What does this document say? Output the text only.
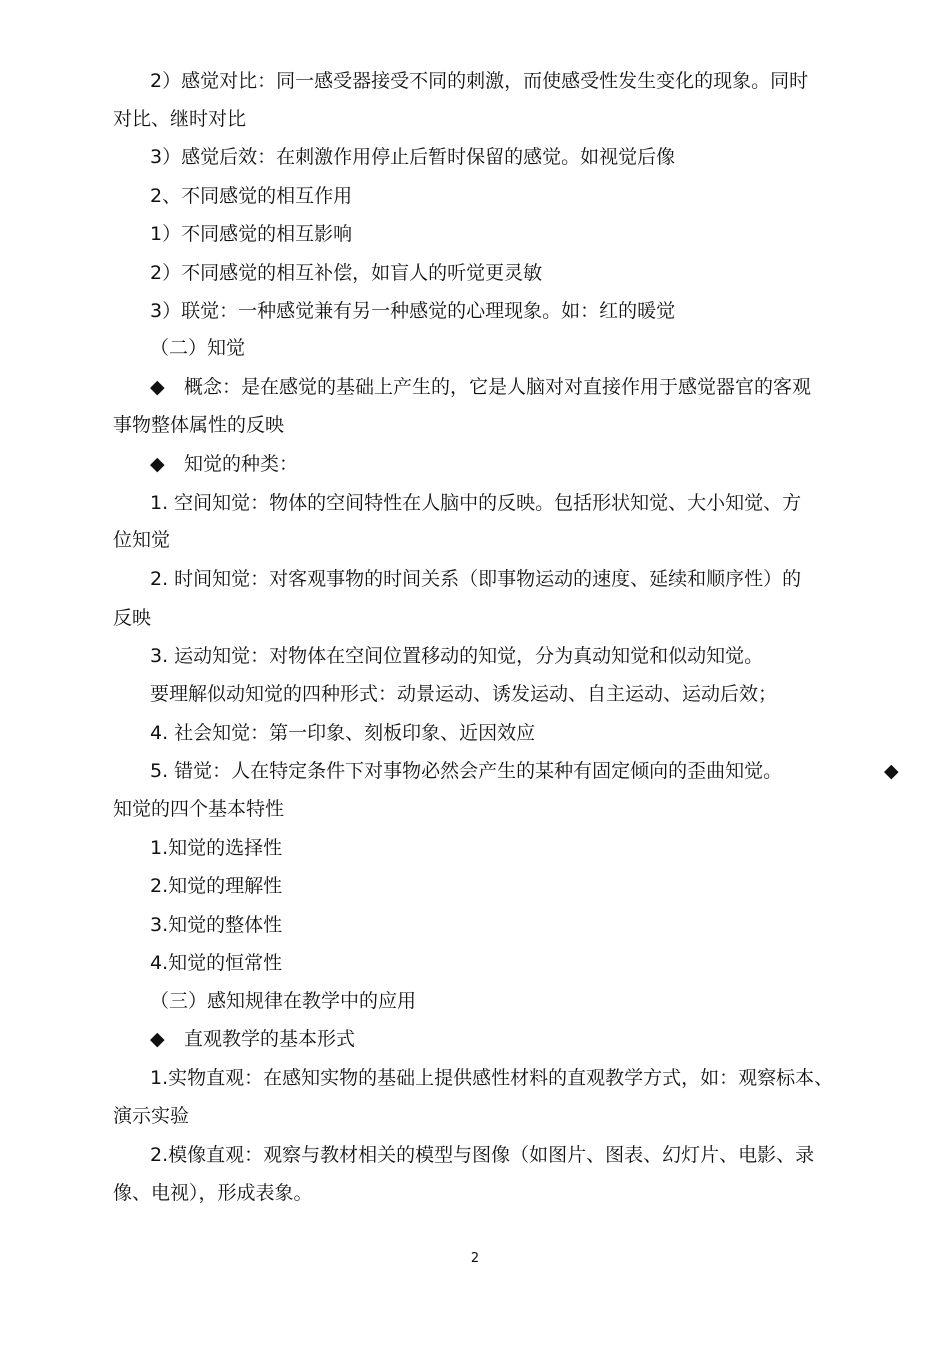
2）感觉对比：同一感受器接受不同的刺激，而使感受性发生变化的现象。同时
对比、继时对比
3）感觉后效：在刺激作用停止后暂时保留的感觉。如视觉后像
2、不同感觉的相互作用
1）不同感觉的相互影响
2）不同感觉的相互补偿，如盲人的听觉更灵敏
3）联觉：一种感觉兼有另一种感觉的心理现象。如：红的暖觉
（二）知觉
◆ 概念：是在感觉的基础上产生的，它是人脑对对直接作用于感觉器官的客观
事物整体属性的反映
◆ 知觉的种类：
1. 空间知觉：物体的空间特性在人脑中的反映。包括形状知觉、大小知觉、方
位知觉
2. 时间知觉：对客观事物的时间关系（即事物运动的速度、延续和顺序性）的
反映
3. 运动知觉：对物体在空间位置移动的知觉，分为真动知觉和似动知觉。
要理解似动知觉的四种形式：动景运动、诱发运动、自主运动、运动后效；
4. 社会知觉：第一印象、刻板印象、近因效应
5. 错觉：人在特定条件下对事物必然会产生的某种有固定倾向的歪曲知觉。	◆
知觉的四个基本特性
1.知觉的选择性
2.知觉的理解性
3.知觉的整体性
4.知觉的恒常性
（三）感知规律在教学中的应用
◆ 直观教学的基本形式
1.实物直观：在感知实物的基础上提供感性材料的直观教学方式，如：观察标本、
演示实验
2.模像直观：观察与教材相关的模型与图像（如图片、图表、幻灯片、电影、录
像、电视），形成表象。
2
